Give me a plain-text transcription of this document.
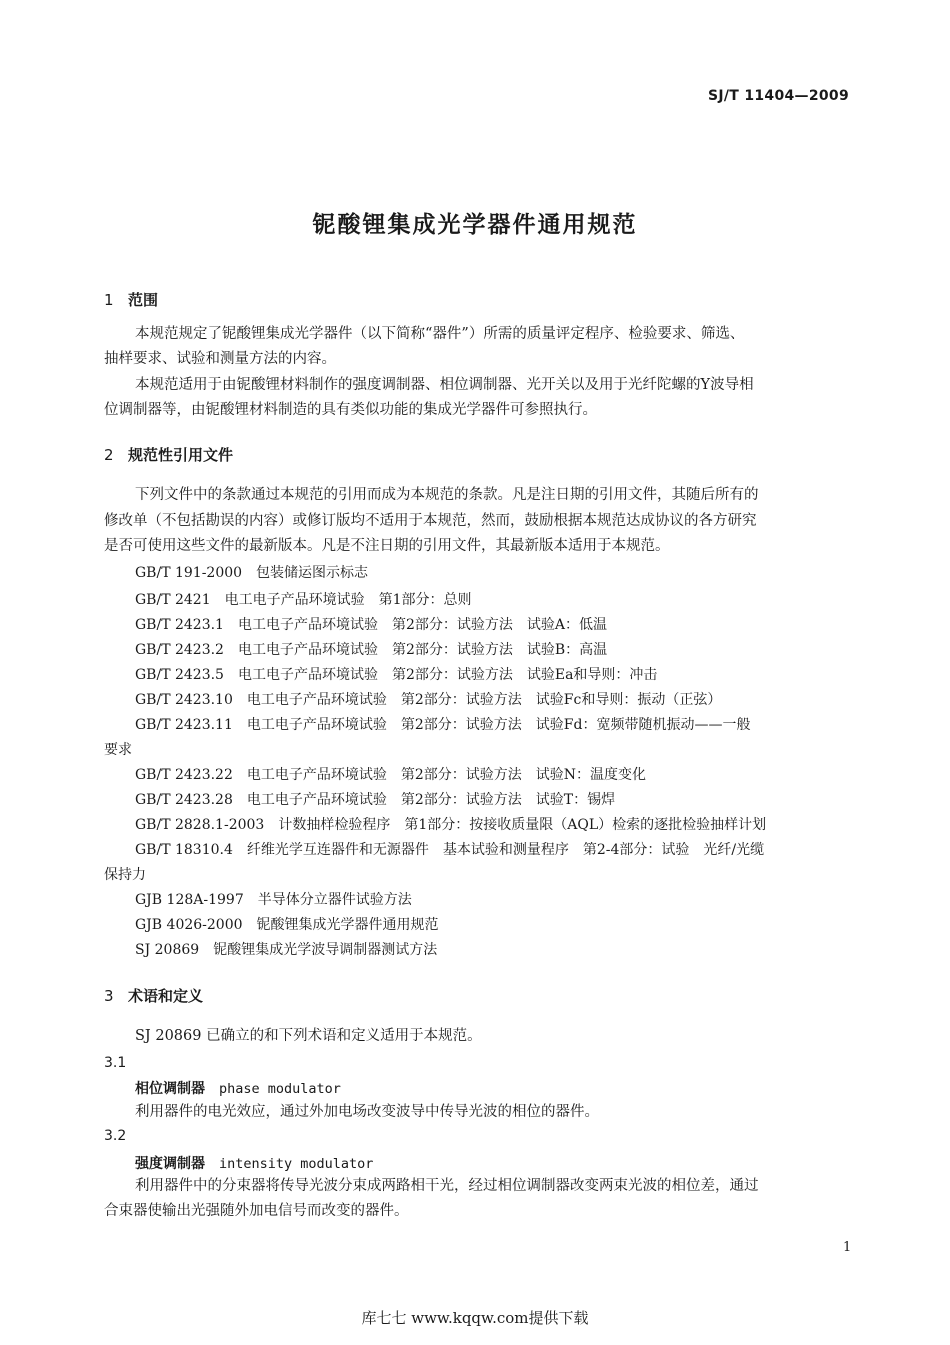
SJ/T 11404—2009
铌酸锂集成光学器件通用规范
1 范围
本规范规定了铌酸锂集成光学器件（以下简称“器件”）所需的质量评定程序、检验要求、筛选、
抽样要求、试验和测量方法的内容。
本规范适用于由铌酸锂材料制作的强度调制器、相位调制器、光开关以及用于光纤陀螺的Y波导相
位调制器等，由铌酸锂材料制造的具有类似功能的集成光学器件可参照执行。
2 规范性引用文件
下列文件中的条款通过本规范的引用而成为本规范的条款。凡是注日期的引用文件，其随后所有的
修改单（不包括勘误的内容）或修订版均不适用于本规范，然而，鼓励根据本规范达成协议的各方研究
是否可使用这些文件的最新版本。凡是不注日期的引用文件，其最新版本适用于本规范。
GB/T 191-2000　包装储运图示标志
GB/T 2421　电工电子产品环境试验　第1部分：总则
GB/T 2423.1　电工电子产品环境试验　第2部分：试验方法　试验A：低温
GB/T 2423.2　电工电子产品环境试验　第2部分：试验方法　试验B：高温
GB/T 2423.5　电工电子产品环境试验　第2部分：试验方法　试验Ea和导则：冲击
GB/T 2423.10　电工电子产品环境试验　第2部分：试验方法　试验Fc和导则：振动（正弦）
GB/T 2423.11　电工电子产品环境试验　第2部分：试验方法　试验Fd：宽频带随机振动——一般
要求
GB/T 2423.22　电工电子产品环境试验　第2部分：试验方法　试验N：温度变化
GB/T 2423.28　电工电子产品环境试验　第2部分：试验方法　试验T：锡焊
GB/T 2828.1-2003　计数抽样检验程序　第1部分：按接收质量限（AQL）检索的逐批检验抽样计划
GB/T 18310.4　纤维光学互连器件和无源器件　基本试验和测量程序　第2-4部分：试验　光纤/光缆
保持力
GJB 128A-1997　半导体分立器件试验方法
GJB 4026-2000　铌酸锂集成光学器件通用规范
SJ 20869　铌酸锂集成光学波导调制器测试方法
3 术语和定义
SJ 20869 已确立的和下列术语和定义适用于本规范。
3.1
相位调制器 phase modulator
利用器件的电光效应，通过外加电场改变波导中传导光波的相位的器件。
3.2
强度调制器 intensity modulator
利用器件中的分束器将传导光波分束成两路相干光，经过相位调制器改变两束光波的相位差，通过
合束器使输出光强随外加电信号而改变的器件。
1
库七七 www.kqqw.com提供下载
